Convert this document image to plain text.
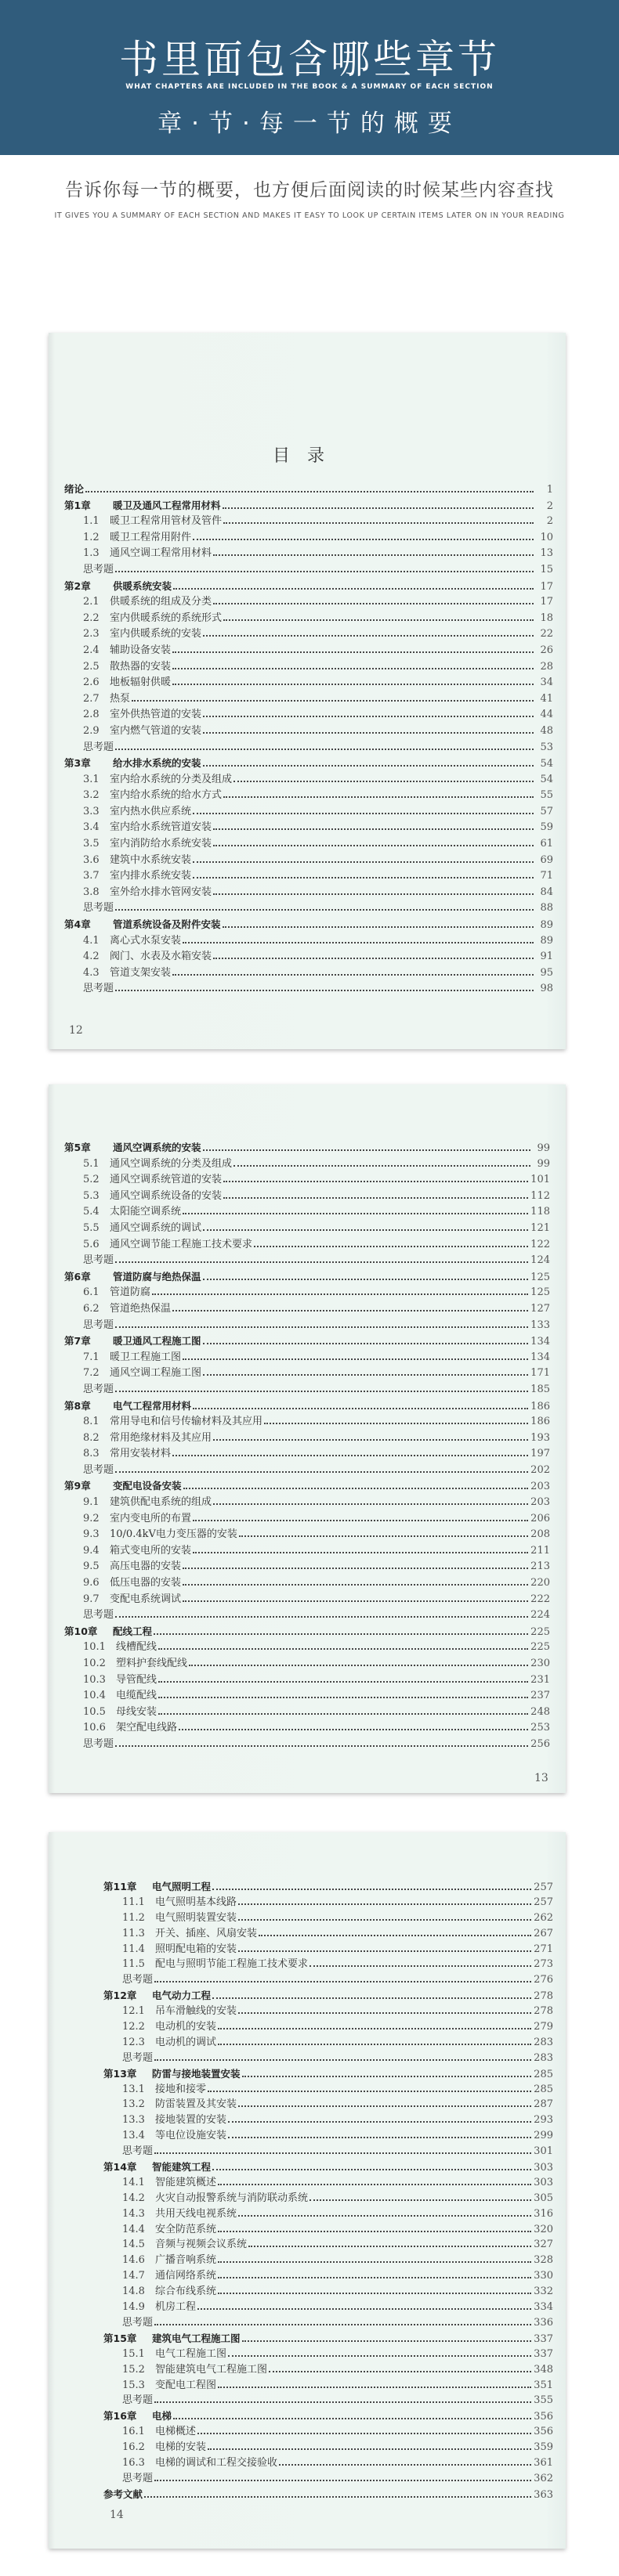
书里面包含哪些章节
WHAT CHAPTERS ARE INCLUDED IN THE BOOK & A SUMMARY OF EACH SECTION
章·节·每一节的概要
告诉你每一节的概要，也方便后面阅读的时候某些内容查找
IT GIVES YOU A SUMMARY OF EACH SECTION AND MAKES IT EASY TO LOOK UP CERTAIN ITEMS LATER ON IN YOUR READING
目录
绪论	1
第1章	暖卫及通风工程常用材料	2
1.1	暖卫工程常用管材及管件	2
1.2	暖卫工程常用附件	10
1.3	通风空调工程常用材料	13
思考题	15
第2章	供暖系统安装	17
2.1	供暖系统的组成及分类	17
2.2	室内供暖系统的系统形式	18
2.3	室内供暖系统的安装	22
2.4	辅助设备安装	26
2.5	散热器的安装	28
2.6	地板辐射供暖	34
2.7	热泵	41
2.8	室外供热管道的安装	44
2.9	室内燃气管道的安装	48
思考题	53
第3章	给水排水系统的安装	54
3.1	室内给水系统的分类及组成	54
3.2	室内给水系统的给水方式	55
3.3	室内热水供应系统	57
3.4	室内给水系统管道安装	59
3.5	室内消防给水系统安装	61
3.6	建筑中水系统安装	69
3.7	室内排水系统安装	71
3.8	室外给水排水管网安装	84
思考题	88
第4章	管道系统设备及附件安装	89
4.1	离心式水泵安装	89
4.2	阀门、水表及水箱安装	91
4.3	管道支架安装	95
思考题	98
12
第5章	通风空调系统的安装	99
5.1	通风空调系统的分类及组成	99
5.2	通风空调系统管道的安装	101
5.3	通风空调系统设备的安装	112
5.4	太阳能空调系统	118
5.5	通风空调系统的调试	121
5.6	通风空调节能工程施工技术要求	122
思考题	124
第6章	管道防腐与绝热保温	125
6.1	管道防腐	125
6.2	管道绝热保温	127
思考题	133
第7章	暖卫通风工程施工图	134
7.1	暖卫工程施工图	134
7.2	通风空调工程施工图	171
思考题	185
第8章	电气工程常用材料	186
8.1	常用导电和信号传输材料及其应用	186
8.2	常用绝缘材料及其应用	193
8.3	常用安装材料	197
思考题	202
第9章	变配电设备安装	203
9.1	建筑供配电系统的组成	203
9.2	室内变电所的布置	206
9.3	10/0.4kV电力变压器的安装	208
9.4	箱式变电所的安装	211
9.5	高压电器的安装	213
9.6	低压电器的安装	220
9.7	变配电系统调试	222
思考题	224
第10章	配线工程	225
10.1	线槽配线	225
10.2	塑料护套线配线	230
10.3	导管配线	231
10.4	电缆配线	237
10.5	母线安装	248
10.6	架空配电线路	253
思考题	256
13
第11章	电气照明工程	257
11.1	电气照明基本线路	257
11.2	电气照明装置安装	262
11.3	开关、插座、风扇安装	267
11.4	照明配电箱的安装	271
11.5	配电与照明节能工程施工技术要求	273
思考题	276
第12章	电气动力工程	278
12.1	吊车滑触线的安装	278
12.2	电动机的安装	279
12.3	电动机的调试	283
思考题	283
第13章	防雷与接地装置安装	285
13.1	接地和接零	285
13.2	防雷装置及其安装	287
13.3	接地装置的安装	293
13.4	等电位设施安装	299
思考题	301
第14章	智能建筑工程	303
14.1	智能建筑概述	303
14.2	火灾自动报警系统与消防联动系统	305
14.3	共用天线电视系统	316
14.4	安全防范系统	320
14.5	音频与视频会议系统	327
14.6	广播音响系统	328
14.7	通信网络系统	330
14.8	综合布线系统	332
14.9	机房工程	334
思考题	336
第15章	建筑电气工程施工图	337
15.1	电气工程施工图	337
15.2	智能建筑电气工程施工图	348
15.3	变配电工程图	351
思考题	355
第16章	电梯	356
16.1	电梯概述	356
16.2	电梯的安装	359
16.3	电梯的调试和工程交接验收	361
思考题	362
参考文献	363
14
